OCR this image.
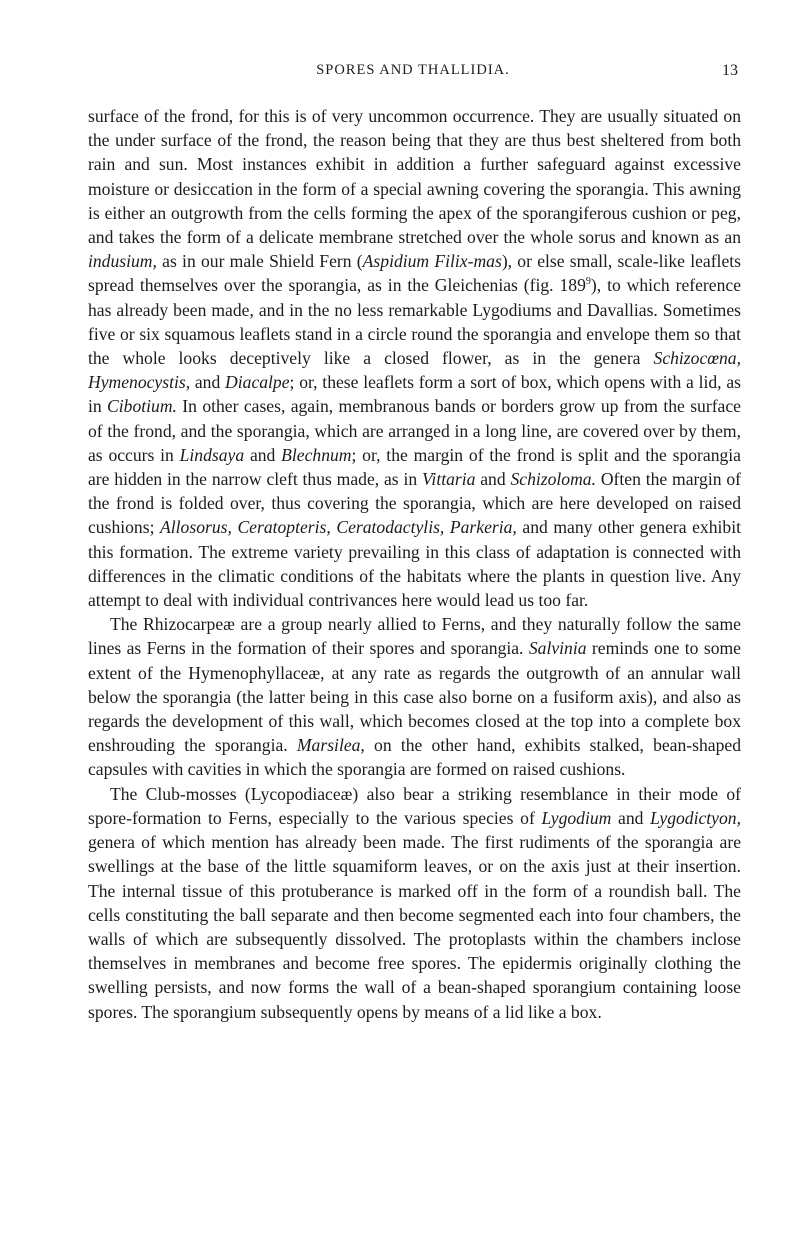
SPORES AND THALLIDIA.	13

surface of the frond, for this is of very uncommon occurrence. They are usually situated on the under surface of the frond, the reason being that they are thus best sheltered from both rain and sun. Most instances exhibit in addition a further safeguard against excessive moisture or desiccation in the form of a special awning covering the sporangia. This awning is either an outgrowth from the cells forming the apex of the sporangiferous cushion or peg, and takes the form of a delicate membrane stretched over the whole sorus and known as an indusium, as in our male Shield Fern (Aspidium Filix-mas), or else small, scale-like leaflets spread themselves over the sporangia, as in the Gleichenias (fig. $189^9$), to which reference has already been made, and in the no less remarkable Lygodiums and Davallias. Sometimes five or six squamous leaflets stand in a circle round the sporangia and envelope them so that the whole looks deceptively like a closed flower, as in the genera Schizocœna, Hymenocystis, and Diacalpe; or, these leaflets form a sort of box, which opens with a lid, as in Cibotium. In other cases, again, membranous bands or borders grow up from the surface of the frond, and the sporangia, which are arranged in a long line, are covered over by them, as occurs in Lindsaya and Blechnum; or, the margin of the frond is split and the sporangia are hidden in the narrow cleft thus made, as in Vittaria and Schizoloma. Often the margin of the frond is folded over, thus covering the sporangia, which are here developed on raised cushions; Allosorus, Ceratopteris, Ceratodactylis, Parkeria, and many other genera exhibit this formation. The extreme variety prevailing in this class of adaptation is connected with differences in the climatic conditions of the habitats where the plants in question live. Any attempt to deal with individual contrivances here would lead us too far.

The Rhizocarpeæ are a group nearly allied to Ferns, and they naturally follow the same lines as Ferns in the formation of their spores and sporangia. Salvinia reminds one to some extent of the Hymenophyllaceæ, at any rate as regards the outgrowth of an annular wall below the sporangia (the latter being in this case also borne on a fusiform axis), and also as regards the development of this wall, which becomes closed at the top into a complete box enshrouding the sporangia. Marsilea, on the other hand, exhibits stalked, bean-shaped capsules with cavities in which the sporangia are formed on raised cushions.

The Club-mosses (Lycopodiaceæ) also bear a striking resemblance in their mode of spore-formation to Ferns, especially to the various species of Lygodium and Lygodictyon, genera of which mention has already been made. The first rudiments of the sporangia are swellings at the base of the little squamiform leaves, or on the axis just at their insertion. The internal tissue of this protuberance is marked off in the form of a roundish ball. The cells constituting the ball separate and then become segmented each into four chambers, the walls of which are subsequently dissolved. The protoplasts within the chambers inclose themselves in membranes and become free spores. The epidermis originally clothing the swelling persists, and now forms the wall of a bean-shaped sporangium containing loose spores. The sporangium subsequently opens by means of a lid like a box.
